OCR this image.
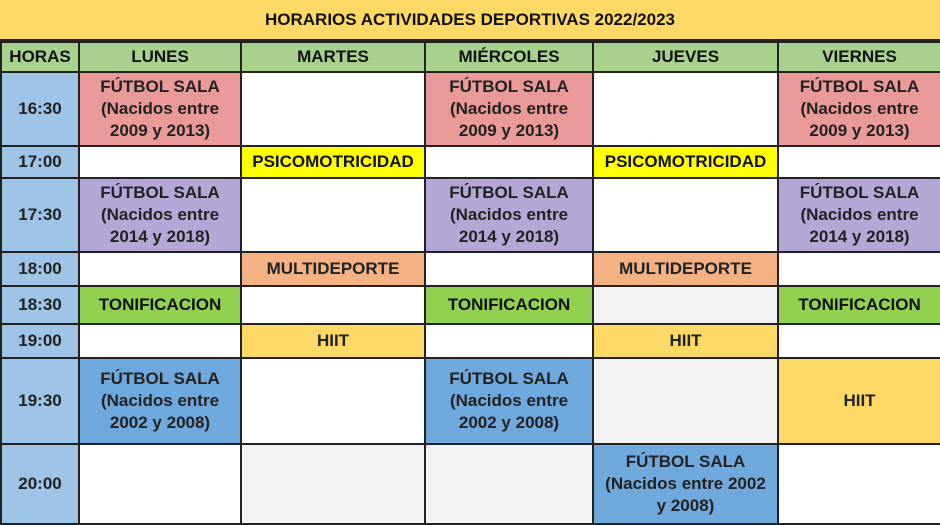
HORARIOS ACTIVIDADES DEPORTIVAS 2022/2023
HORAS	LUNES	MARTES	MIÉRCOLES	JUEVES	VIERNES
16:30	FÚTBOL SALA
(Nacidos entre
2009 y 2013)		FÚTBOL SALA
(Nacidos entre
2009 y 2013)		FÚTBOL SALA
(Nacidos entre
2009 y 2013)
17:00		PSICOMOTRICIDAD		PSICOMOTRICIDAD	
17:30	FÚTBOL SALA
(Nacidos entre
2014 y 2018)		FÚTBOL SALA
(Nacidos entre
2014 y 2018)		FÚTBOL SALA
(Nacidos entre
2014 y 2018)
18:00		MULTIDEPORTE		MULTIDEPORTE	
18:30	TONIFICACION		TONIFICACION		TONIFICACION
19:00		HIIT		HIIT	
19:30	FÚTBOL SALA
(Nacidos entre
2002 y 2008)		FÚTBOL SALA
(Nacidos entre
2002 y 2008)		HIIT
20:00				FÚTBOL SALA
(Nacidos entre 2002
y 2008)	
